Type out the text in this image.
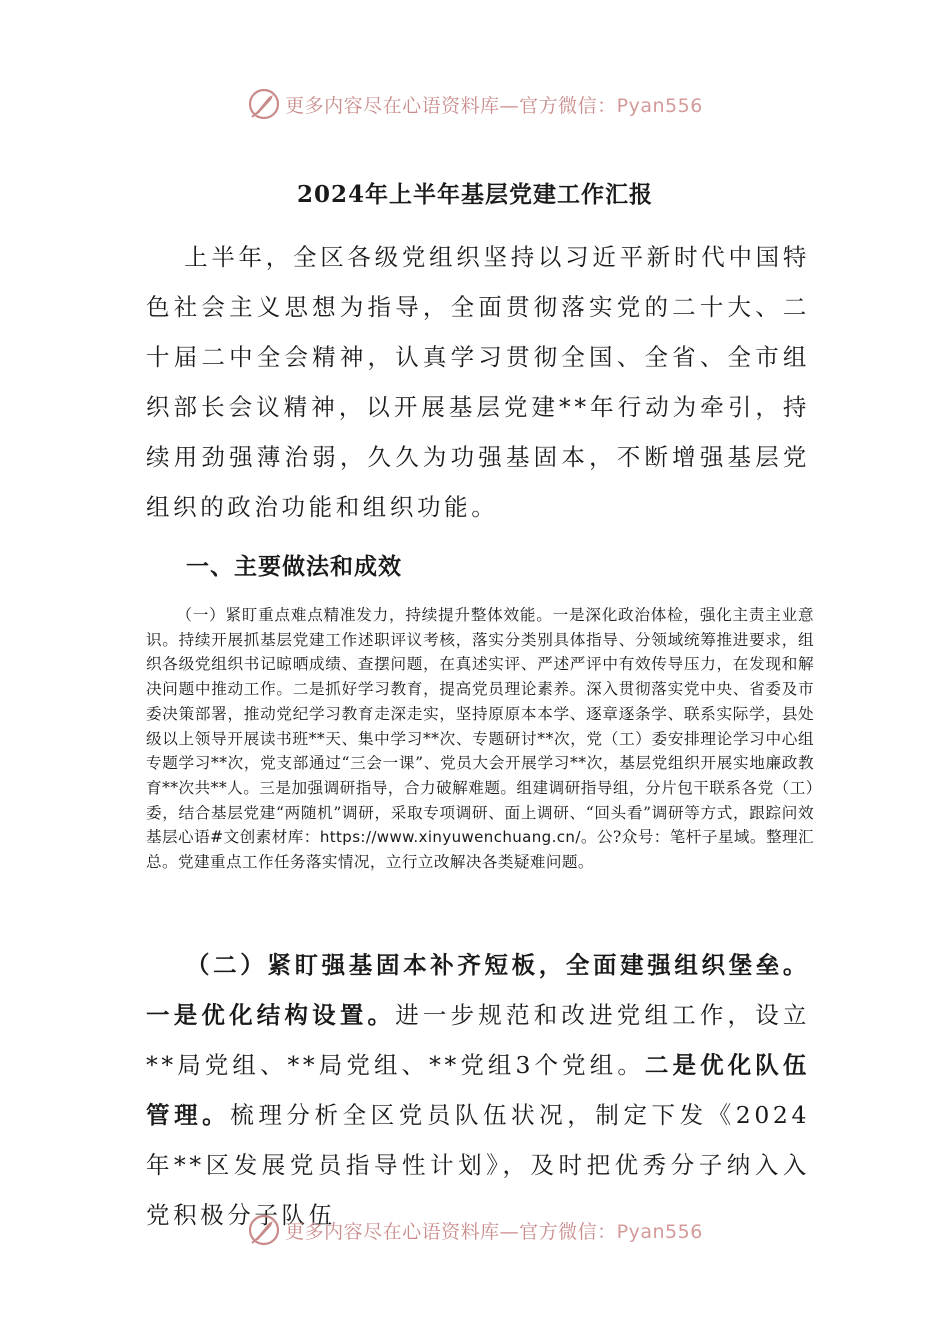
更多内容尽在心语资料库—官方微信：Pyan556
2024年上半年基层党建工作汇报

上半年，全区各级党组织坚持以习近平新时代中国特色社会主义思想为指导，全面贯彻落实党的二十大、二十届二中全会精神，认真学习贯彻全国、全省、全市组织部长会议精神，以开展基层党建**年行动为牵引，持续用劲强薄治弱，久久为功强基固本，不断增强基层党组织的政治功能和组织功能。

一、主要做法和成效

（一）紧盯重点难点精准发力，持续提升整体效能。一是深化政治体检，强化主责主业意识。持续开展抓基层党建工作述职评议考核，落实分类别具体指导、分领域统筹推进要求，组织各级党组织书记晾晒成绩、查摆问题，在真述实评、严述严评中有效传导压力，在发现和解决问题中推动工作。二是抓好学习教育，提高党员理论素养。深入贯彻落实党中央、省委及市委决策部署，推动党纪学习教育走深走实，坚持原原本本学、逐章逐条学、联系实际学，县处级以上领导开展读书班**天、集中学习**次、专题研讨**次，党（工）委安排理论学习中心组专题学习**次，党支部通过“三会一课”、党员大会开展学习**次，基层党组织开展实地廉政教育**次共**人。三是加强调研指导，合力破解难题。组建调研指导组，分片包干联系各党（工）委，结合基层党建“两随机”调研，采取专项调研、面上调研、“回头看”调研等方式，跟踪问效基层心语#文创素材库：https://www.xinyuwenchuang.cn/。公?众号：笔杆子星域。整理汇总。党建重点工作任务落实情况，立行立改解决各类疑难问题。

（二）紧盯强基固本补齐短板，全面建强组织堡垒。一是优化结构设置。进一步规范和改进党组工作，设立**局党组、**局党组、**党组3个党组。二是优化队伍管理。梳理分析全区党员队伍状况，制定下发《2024年**区发展党员指导性计划》，及时把优秀分子纳入入党积极分子队伍

更多内容尽在心语资料库—官方微信：Pyan556
